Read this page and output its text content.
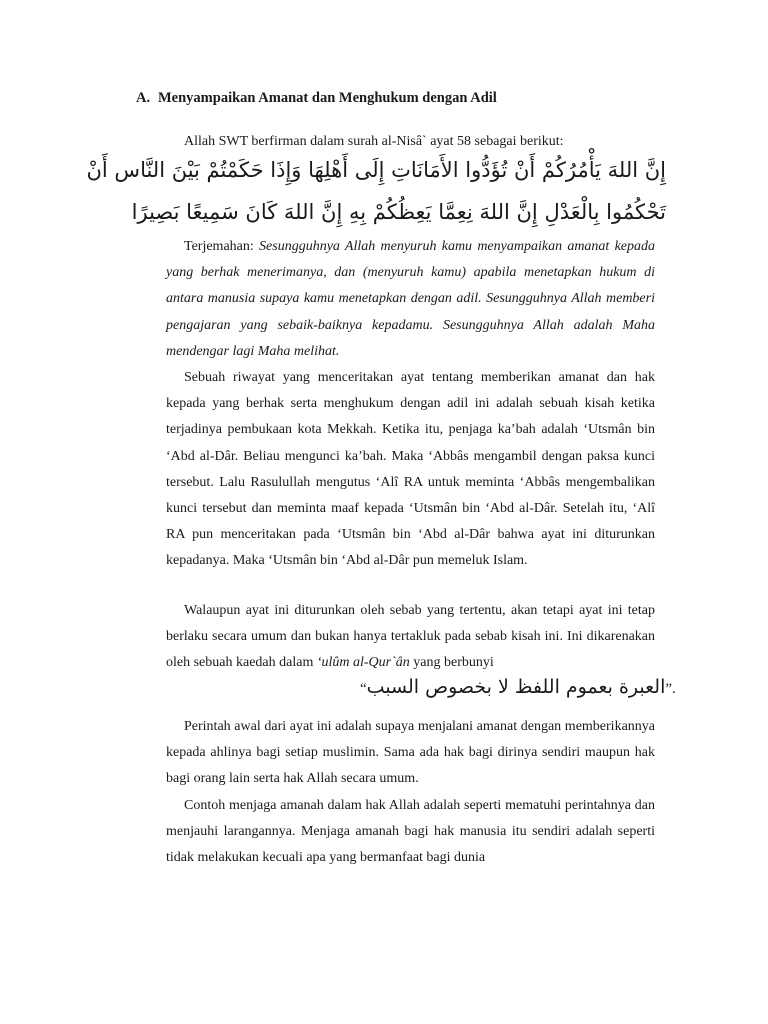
A. Menyampaikan Amanat dan Menghukum dengan Adil
Allah SWT berfirman dalam surah al-Nisâ` ayat 58 sebagai berikut:
إِنَّ اللهَ يَأْمُرُكُمْ أَنْ تُؤَدُّوا الأَمَانَاتِ إِلَى أَهْلِهَا وَإِذَا حَكَمْتُمْ بَيْنَ النَّاس أَنْ
تَحْكُمُوا بِالْعَدْلِ إِنَّ اللهَ نِعِمَّا يَعِظُكُمْ بِهِ إِنَّ اللهَ كَانَ سَمِيعًا بَصِيرًا
Terjemahan: Sesungguhnya Allah menyuruh kamu menyampaikan amanat kepada yang berhak menerimanya, dan (menyuruh kamu) apabila menetapkan hukum di antara manusia supaya kamu menetapkan dengan adil. Sesungguhnya Allah memberi pengajaran yang sebaik-baiknya kepadamu. Sesungguhnya Allah adalah Maha mendengar lagi Maha melihat.
Sebuah riwayat yang menceritakan ayat tentang memberikan amanat dan hak kepada yang berhak serta menghukum dengan adil ini adalah sebuah kisah ketika terjadinya pembukaan kota Mekkah. Ketika itu, penjaga ka’bah adalah ‘Utsmân bin ‘Abd al-Dâr. Beliau mengunci ka’bah. Maka ‘Abbâs mengambil dengan paksa kunci tersebut. Lalu Rasulullah mengutus ‘Alî RA untuk meminta ‘Abbâs mengembalikan kunci tersebut dan meminta maaf kepada ‘Utsmân bin ‘Abd al-Dâr. Setelah itu, ‘Alî RA pun menceritakan pada ‘Utsmân bin ‘Abd al-Dâr bahwa ayat ini diturunkan kepadanya. Maka ‘Utsmân bin ‘Abd al-Dâr pun memeluk Islam.
Walaupun ayat ini diturunkan oleh sebab yang tertentu, akan tetapi ayat ini tetap berlaku secara umum dan bukan hanya tertakluk pada sebab kisah ini. Ini dikarenakan oleh sebuah kaedah dalam ‘ulûm al-Qur`ân yang berbunyi
“العبرة بعموم اللفظ لا بخصوص السبب”.
Perintah awal dari ayat ini adalah supaya menjalani amanat dengan memberikannya kepada ahlinya bagi setiap muslimin. Sama ada hak bagi dirinya sendiri maupun hak bagi orang lain serta hak Allah secara umum.
Contoh menjaga amanah dalam hak Allah adalah seperti mematuhi perintahnya dan menjauhi larangannya. Menjaga amanah bagi hak manusia itu sendiri adalah seperti tidak melakukan kecuali apa yang bermanfaat bagi dunia
